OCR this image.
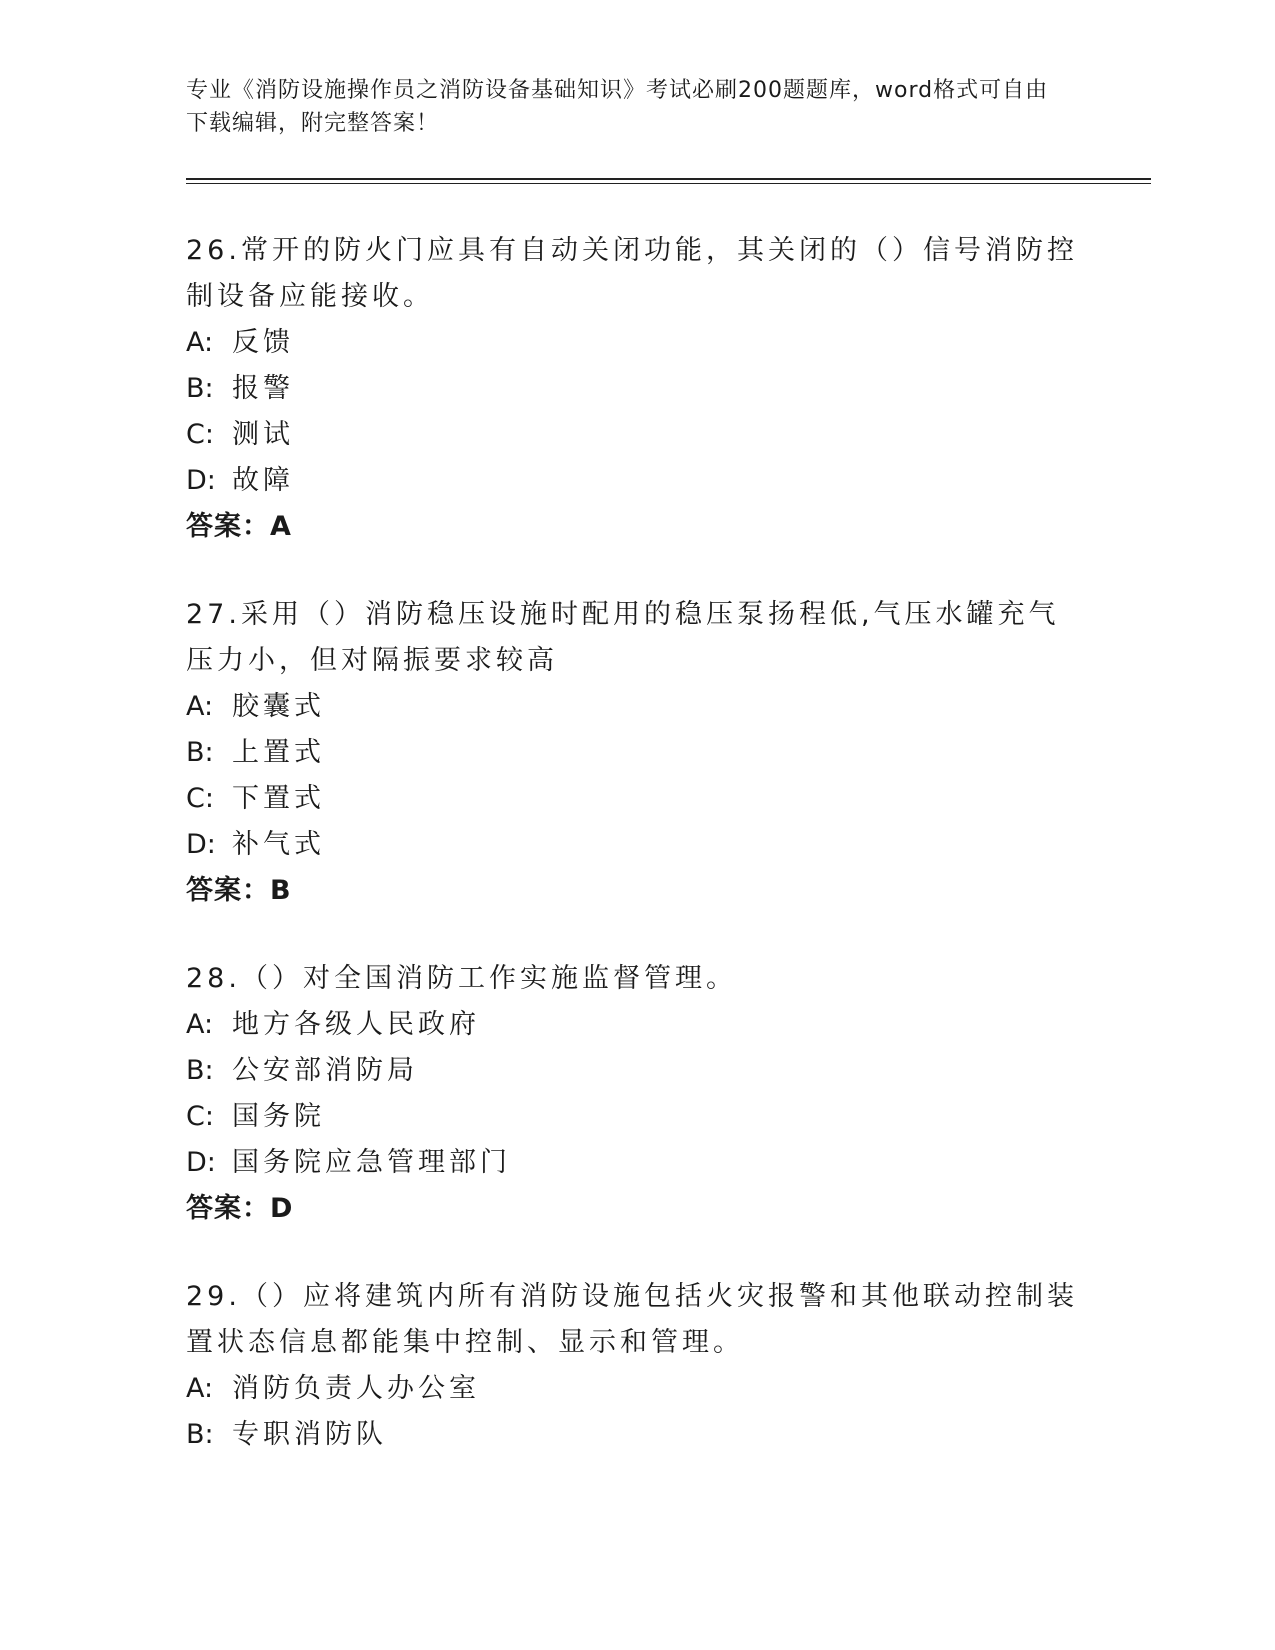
专业《消防设施操作员之消防设备基础知识》考试必刷200题题库，word格式可自由下载编辑，附完整答案！

26.常开的防火门应具有自动关闭功能，其关闭的（）信号消防控制设备应能接收。

A: 反馈

B: 报警

C: 测试

D: 故障

答案：A

27.采用（）消防稳压设施时配用的稳压泵扬程低,气压水罐充气压力小，但对隔振要求较高

A: 胶囊式

B: 上置式

C: 下置式

D: 补气式

答案：B

28.（）对全国消防工作实施监督管理。

A: 地方各级人民政府

B: 公安部消防局

C: 国务院

D: 国务院应急管理部门

答案：D

29.（）应将建筑内所有消防设施包括火灾报警和其他联动控制装置状态信息都能集中控制、显示和管理。

A: 消防负责人办公室

B: 专职消防队
